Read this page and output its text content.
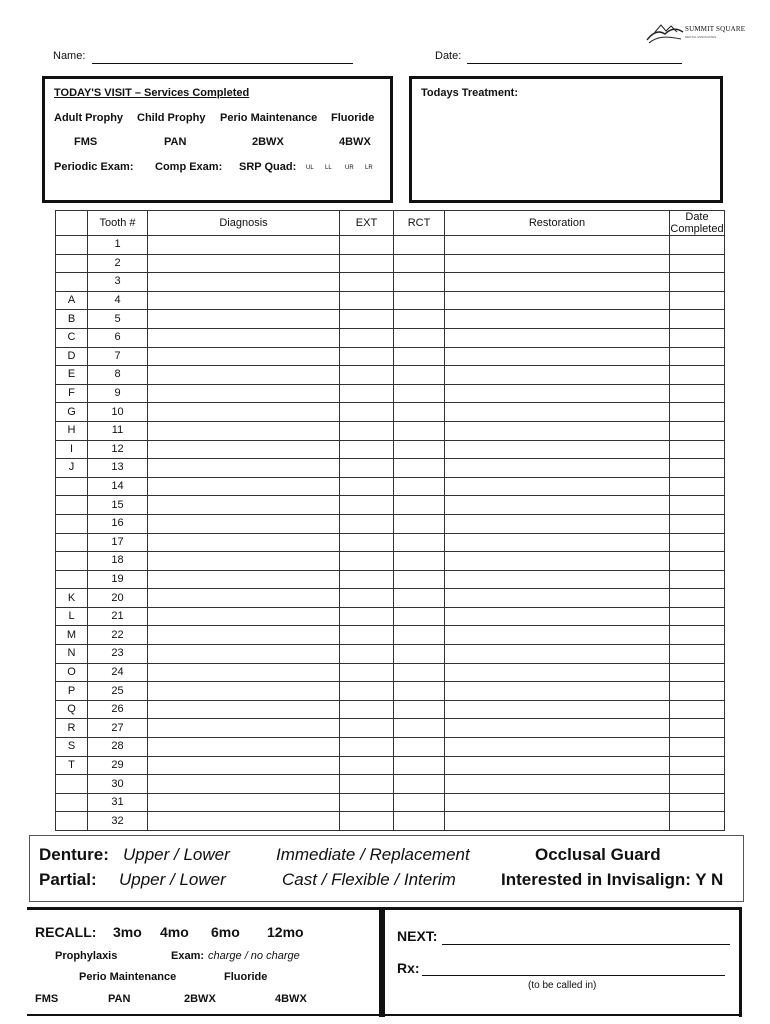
SUMMIT SQUARE
DENTAL ASSOCIATES
Name:	Date:
TODAY'S VISIT – Services Completed
Adult Prophy Child Prophy Perio Maintenance Fluoride
FMS	PAN	2BWX	4BWX
Periodic Exam: Comp Exam: SRP Quad: UL LL UR LR
Todays Treatment:
	Tooth #	Diagnosis	EXT	RCT	Restoration	Date Completed
	1					
	2					
	3					
A	4					
B	5					
C	6					
D	7					
E	8					
F	9					
G	10					
H	11					
I	12					
J	13					
	14					
	15					
	16					
	17					
	18					
	19					
K	20					
L	21					
M	22					
N	23					
O	24					
P	25					
Q	26					
R	27					
S	28					
T	29					
	30					
	31					
	32					
Denture: Upper / Lower	Immediate / Replacement	Occlusal Guard
Partial: Upper / Lower	Cast / Flexible / Interim	Interested in Invisalign: Y N
RECALL: 3mo 4mo 6mo 12mo
Prophylaxis	Exam: charge / no charge
Perio Maintenance	Fluoride
FMS	PAN	2BWX	4BWX
NEXT:
Rx:
(to be called in)
